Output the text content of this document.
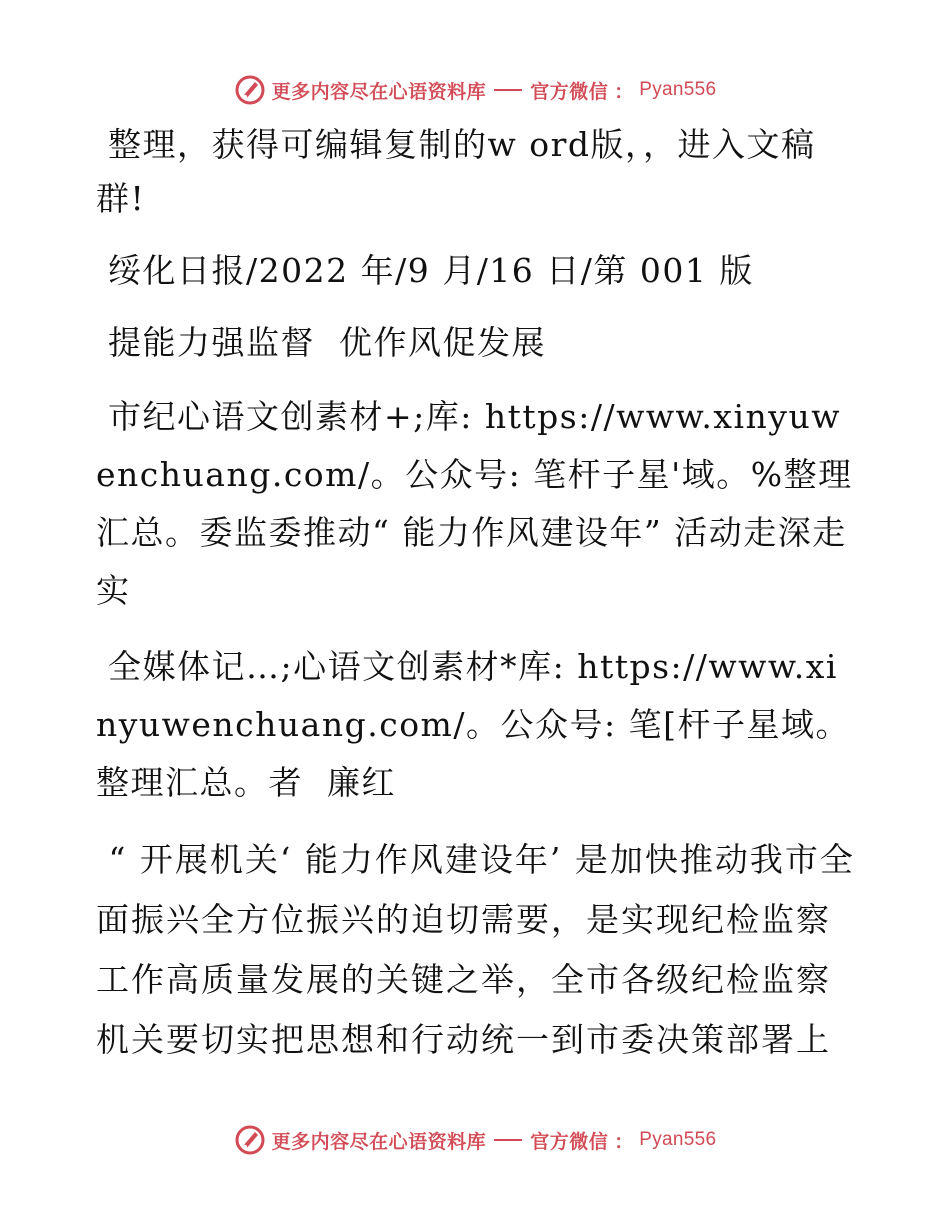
更多内容尽在心语资料库 官方微信 ： Pyan556

整理，获得可编辑复制的w ord版，，进入文稿群!

绥化日报/2022 年/9 月/16 日/第 001 版

提能力强监督  优作风促发展

市纪心语文创素材+;库: https://www.xinyuwenchuang.com/。公众号: 笔杆子星'域。%整理汇总。委监委推动“ 能力作风建设年” 活动走深走实

全媒体记…;心语文创素材*库: https://www.xinyuwenchuang.com/。公众号: 笔[杆子星域。整理汇总。者  廉红

“ 开展机关‘ 能力作风建设年’ 是加快推动我市全面振兴全方位振兴的迫切需要，是实现纪检监察工作高质量发展的关键之举，全市各级纪检监察机关要切实把思想和行动统一到市委决策部署上

更多内容尽在心语资料库 官方微信 ： Pyan556
